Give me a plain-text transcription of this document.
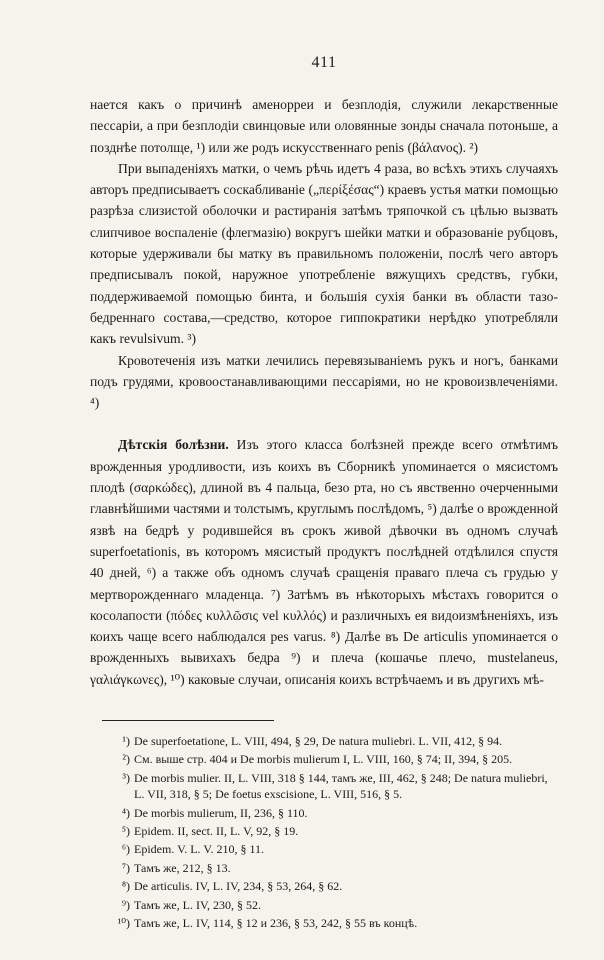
411

нается какъ о причинѣ аменорреи и безплодія, служили лекарственные пессаріи, а при безплодіи свинцовые или оловянные зонды сначала потоньше, а позднѣе потолще, ¹) или же родъ искусственнаго penis (βάλανος). ²)

При выпаденіяхъ матки, о чемъ рѣчь идетъ 4 раза, во всѣхъ этихъ случаяхъ авторъ предписываетъ соскабливаніе („περίξέσας“) краевъ устья матки помощью разрѣза слизистой оболочки и растиранія затѣмъ тряпочкой съ цѣлью вызвать слипчивое воспаленіе (флегмазію) вокругъ шейки матки и образованіе рубцовъ, которые удерживали бы матку въ правильномъ положеніи, послѣ чего авторъ предписывалъ покой, наружное употребленіе вяжущихъ средствъ, губки, поддерживаемой помощью бинта, и большія сухія банки въ области тазо-бедреннаго состава,—средство, которое гиппократики нерѣдко употребляли какъ revulsivum. ³)

Кровотеченія изъ матки лечились перевязываніемъ рукъ и ногъ, банками подъ грудями, кровоостанавливающими пессаріями, но не кровоизвлеченіями. ⁴)

Дѣтскія болѣзни. Изъ этого класса болѣзней прежде всего отмѣтимъ врожденныя уродливости, изъ коихъ въ Сборникѣ упоминается о мясистомъ плодѣ (σαρκώδες), длиной въ 4 пальца, безо рта, но съ явственно очерченными главнѣйшими частями и толстымъ, круглымъ послѣдомъ, ⁵) далѣе о врожденной язвѣ на бедрѣ у родившейся въ срокъ живой дѣвочки въ одномъ случаѣ superfoetationis, въ которомъ мясистый продуктъ послѣдней отдѣлился спустя 40 дней, ⁶) а также объ одномъ случаѣ сращенія праваго плеча съ грудью у мертворожденнаго младенца. ⁷) Затѣмъ въ нѣкоторыхъ мѣстахъ говорится о косолапости (πόδες κυλλῶσις vel κυλλός) и различныхъ ея видоизмѣненіяхъ, изъ коихъ чаще всего наблюдался pes varus. ⁸) Далѣе въ De articulis упоминается о врожденныхъ вывихахъ бедра ⁹) и плеча (кошачье плечо, mustelaneus, γαλιάγκωνες), ¹⁰) каковые случаи, описанія коихъ встрѣчаемъ и въ другихъ мѣ-

¹) De superfoetatione, L. VIII, 494, § 29, De natura muliebri. L. VII, 412, § 94.
²) См. выше стр. 404 и De morbis mulierum I, L. VIII, 160, § 74; II, 394, § 205.
³) De morbis mulier. II, L. VIII, 318 § 144, тамъ же, III, 462, § 248; De natura muliebri, L. VII, 318, § 5; De foetus exscisione, L. VIII, 516, § 5.
⁴) De morbis mulierum, II, 236, § 110.
⁵) Epidem. II, sect. II, L. V, 92, § 19.
⁶) Epidem. V. L. V. 210, § 11.
⁷) Тамъ же, 212, § 13.
⁸) De articulis. IV, L. IV, 234, § 53, 264, § 62.
⁹) Тамъ же, L. IV, 230, § 52.
¹⁰) Тамъ же, L. IV, 114, § 12 и 236, § 53, 242, § 55 въ концѣ.
